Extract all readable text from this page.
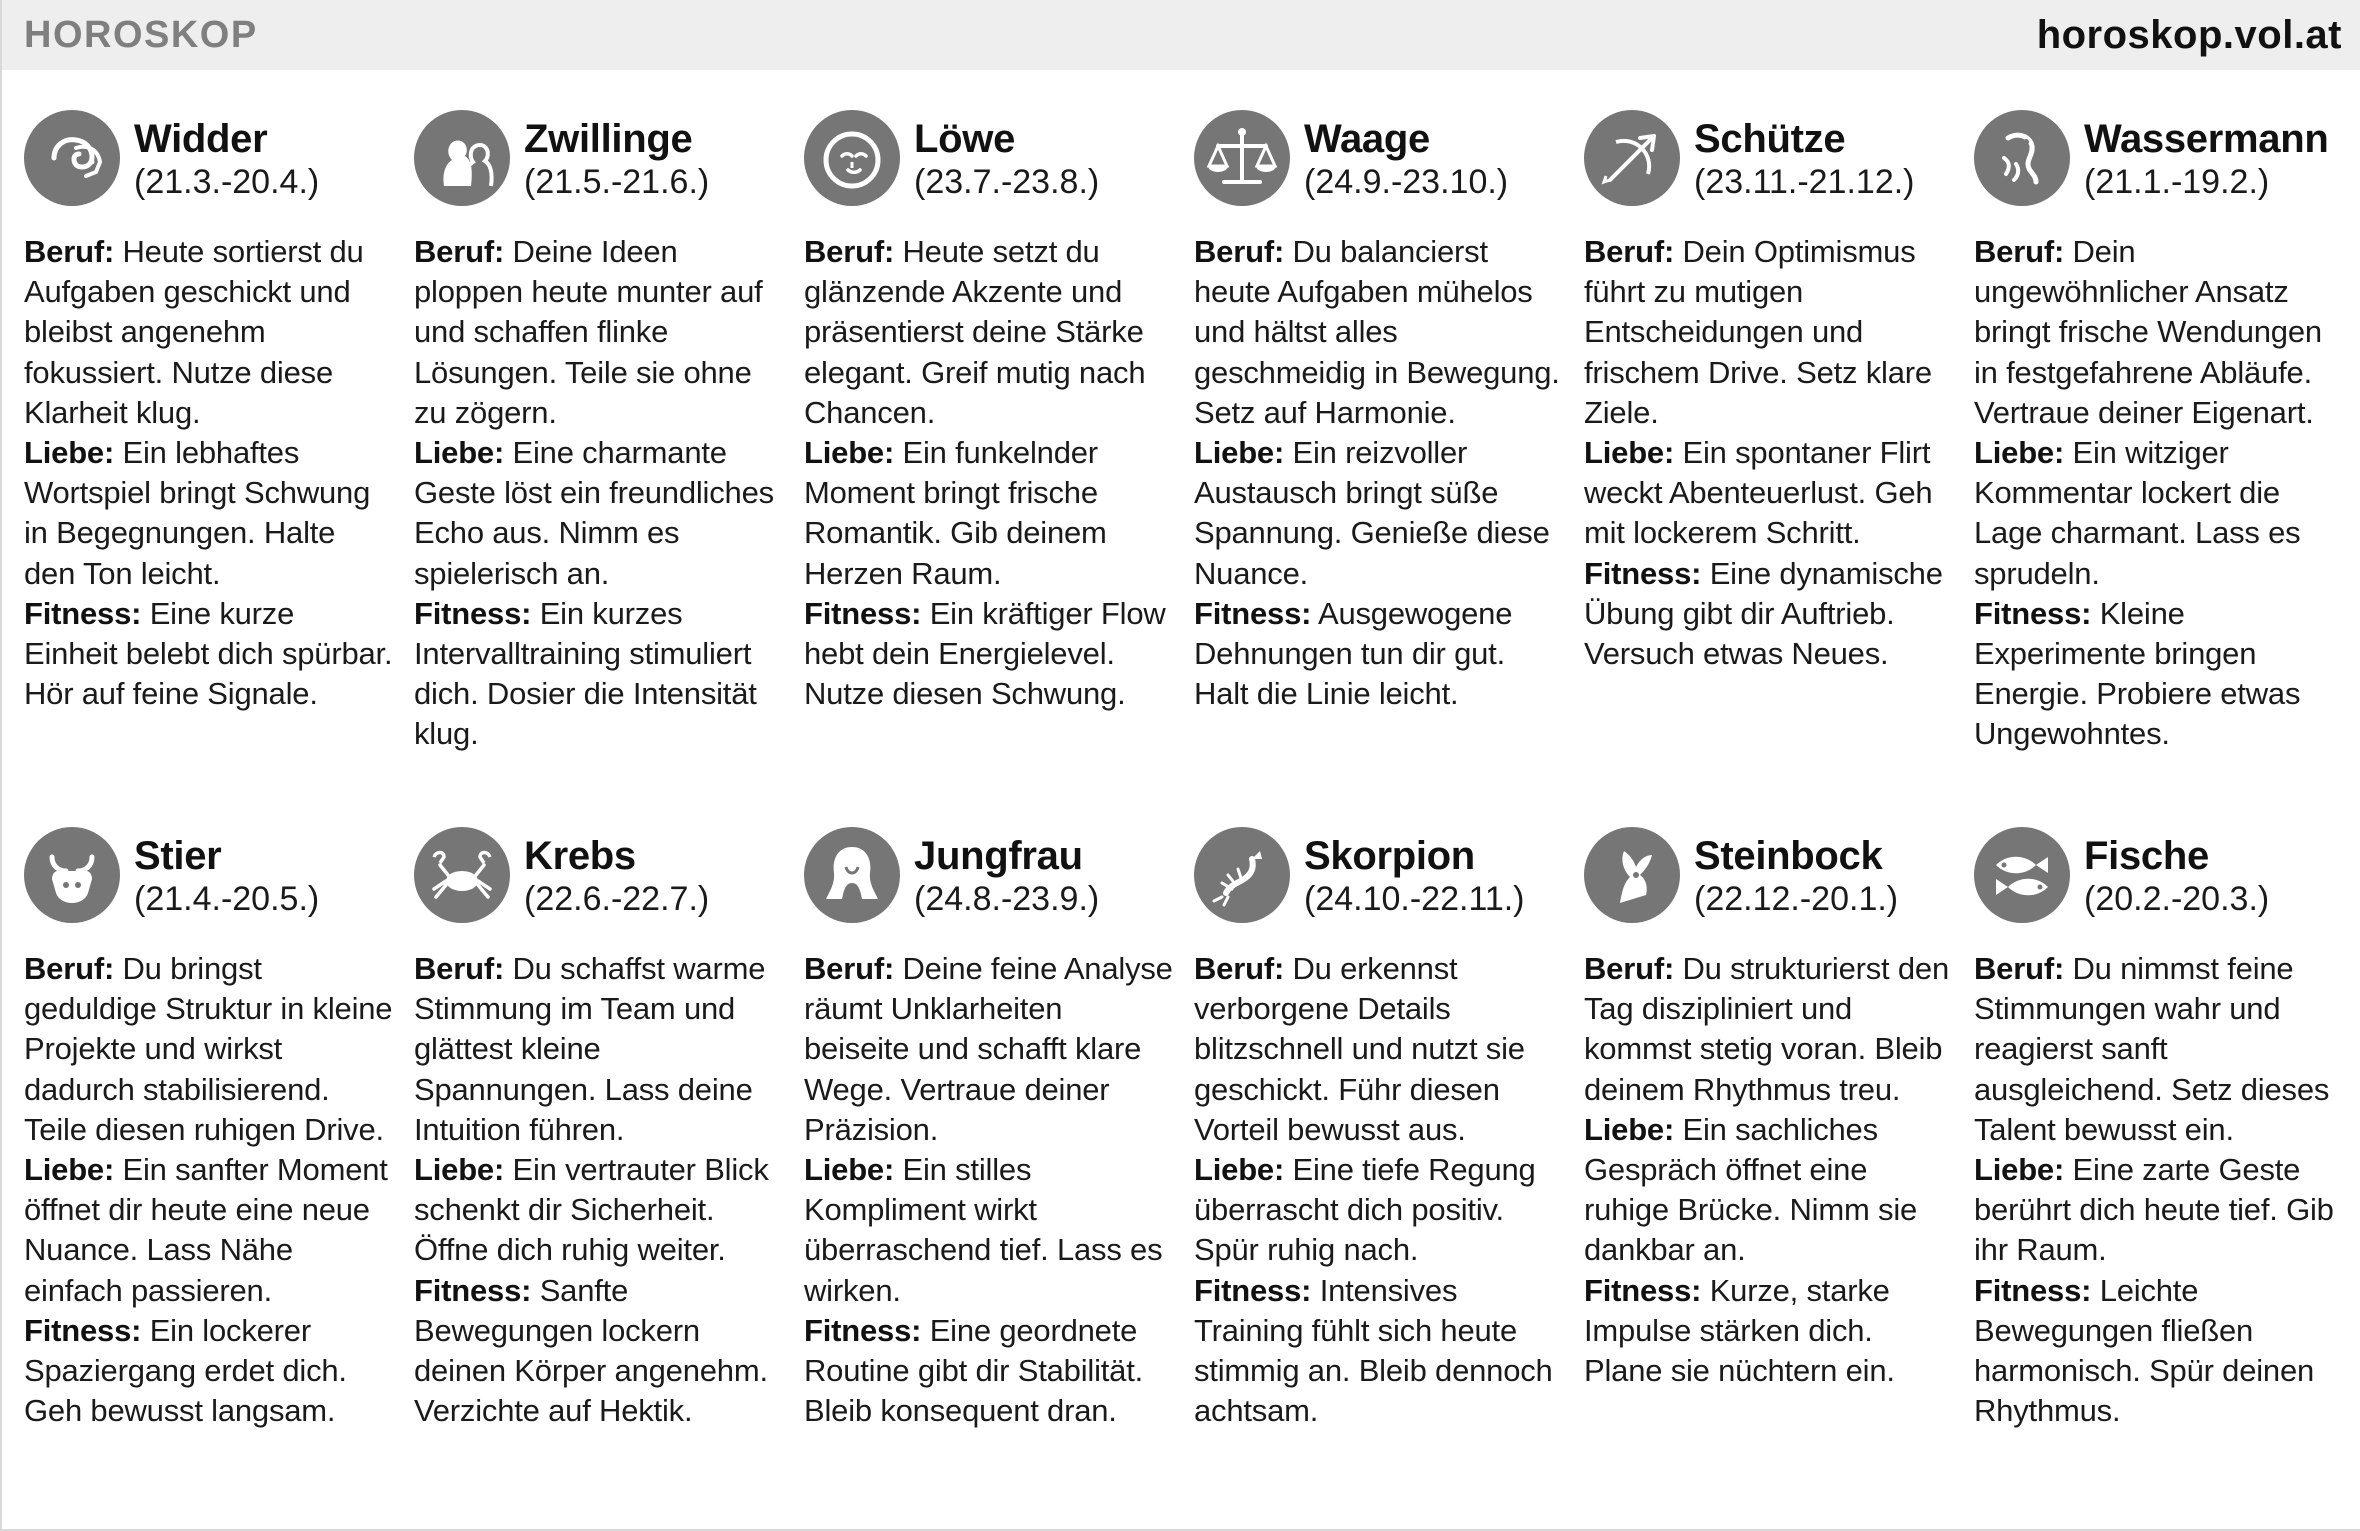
HOROSKOP	horoskop.vol.at
Widder
(21.3.-20.4.)

Beruf: Heute sortierst du Aufgaben geschickt und bleibst angenehm fokussiert. Nutze diese Klarheit klug.

Liebe: Ein lebhaftes Wortspiel bringt Schwung in Begegnungen. Halte den Ton leicht.

Fitness: Eine kurze Einheit belebt dich spürbar. Hör auf feine Signale.

Zwillinge
(21.5.-21.6.)

Beruf: Deine Ideen ploppen heute munter auf und schaffen flinke Lösungen. Teile sie ohne zu zögern.

Liebe: Eine charmante Geste löst ein freundliches Echo aus. Nimm es spielerisch an.

Fitness: Ein kurzes Intervalltraining stimuliert dich. Dosier die Intensität klug.

Löwe
(23.7.-23.8.)

Beruf: Heute setzt du glänzende Akzente und präsentierst deine Stärke elegant. Greif mutig nach Chancen.

Liebe: Ein funkelnder Moment bringt frische Romantik. Gib deinem Herzen Raum.

Fitness: Ein kräftiger Flow hebt dein Energielevel. Nutze diesen Schwung.

Waage
(24.9.-23.10.)

Beruf: Du balancierst heute Aufgaben mühelos und hältst alles geschmeidig in Bewegung. Setz auf Harmonie.

Liebe: Ein reizvoller Austausch bringt süße Spannung. Genieße diese Nuance.

Fitness: Ausgewogene Dehnungen tun dir gut. Halt die Linie leicht.

Schütze
(23.11.-21.12.)

Beruf: Dein Optimismus führt zu mutigen Entscheidungen und frischem Drive. Setz klare Ziele.

Liebe: Ein spontaner Flirt weckt Abenteuerlust. Geh mit lockerem Schritt.

Fitness: Eine dynamische Übung gibt dir Auftrieb. Versuch etwas Neues.

Wassermann
(21.1.-19.2.)

Beruf: Dein ungewöhnlicher Ansatz bringt frische Wendungen in festgefahrene Abläufe. Vertraue deiner Eigenart.

Liebe: Ein witziger Kommentar lockert die Lage charmant. Lass es sprudeln.

Fitness: Kleine Experimente bringen Energie. Probiere etwas Ungewohntes.

Stier
(21.4.-20.5.)

Beruf: Du bringst geduldige Struktur in kleine Projekte und wirkst dadurch stabilisierend. Teile diesen ruhigen Drive.

Liebe: Ein sanfter Moment öffnet dir heute eine neue Nuance. Lass Nähe einfach passieren.

Fitness: Ein lockerer Spaziergang erdet dich. Geh bewusst langsam.

Krebs
(22.6.-22.7.)

Beruf: Du schaffst warme Stimmung im Team und glättest kleine Spannungen. Lass deine Intuition führen.

Liebe: Ein vertrauter Blick schenkt dir Sicherheit. Öffne dich ruhig weiter.

Fitness: Sanfte Bewegungen lockern deinen Körper angenehm. Verzichte auf Hektik.

Jungfrau
(24.8.-23.9.)

Beruf: Deine feine Analyse räumt Unklarheiten beiseite und schafft klare Wege. Vertraue deiner Präzision.

Liebe: Ein stilles Kompliment wirkt überraschend tief. Lass es wirken.

Fitness: Eine geordnete Routine gibt dir Stabilität. Bleib konsequent dran.

Skorpion
(24.10.-22.11.)

Beruf: Du erkennst verborgene Details blitzschnell und nutzt sie geschickt. Führ diesen Vorteil bewusst aus.

Liebe: Eine tiefe Regung überrascht dich positiv. Spür ruhig nach.

Fitness: Intensives Training fühlt sich heute stimmig an. Bleib dennoch achtsam.

Steinbock
(22.12.-20.1.)

Beruf: Du strukturierst den Tag diszipliniert und kommst stetig voran. Bleib deinem Rhythmus treu.

Liebe: Ein sachliches Gespräch öffnet eine ruhige Brücke. Nimm sie dankbar an.

Fitness: Kurze, starke Impulse stärken dich. Plane sie nüchtern ein.

Fische
(20.2.-20.3.)

Beruf: Du nimmst feine Stimmungen wahr und reagierst sanft ausgleichend. Setz dieses Talent bewusst ein.

Liebe: Eine zarte Geste berührt dich heute tief. Gib ihr Raum.

Fitness: Leichte Bewegungen fließen harmonisch. Spür deinen Rhythmus.
